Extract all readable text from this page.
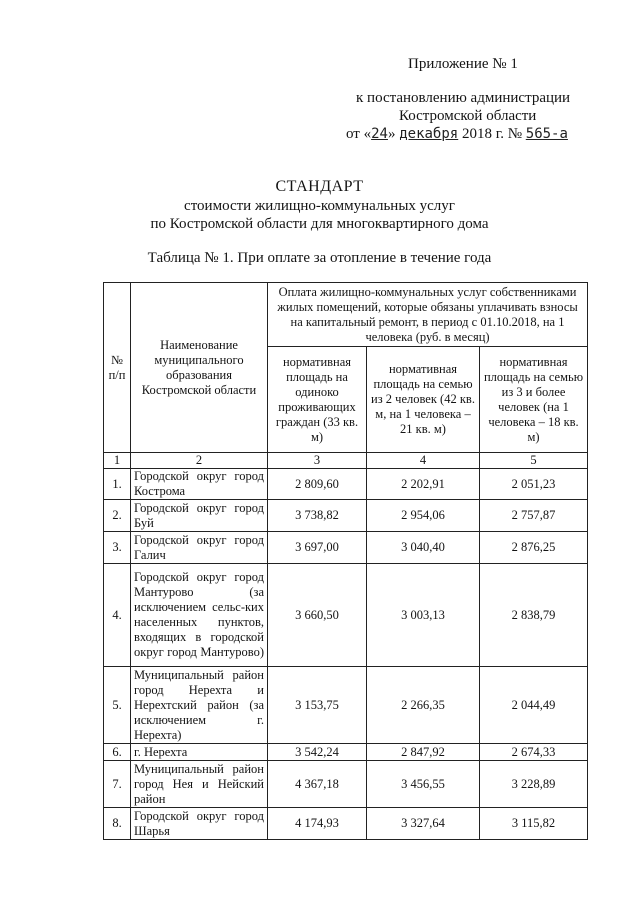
Приложение № 1
к постановлению администрации
Костромской области
от «24» декабря 2018 г. № 565-а
СТАНДАРТ
стоимости жилищно-коммунальных услуг
по Костромской области для многоквартирного дома
Таблица № 1. При оплате за отопление в течение года
№ п/п	Наименование муниципального образования Костромской области	Оплата жилищно-коммунальных услуг собственниками жилых помещений, которые обязаны уплачивать взносы на капитальный ремонт, в период с 01.10.2018, на 1 человека (руб. в месяц)		
		нормативная площадь на одиноко проживающих граждан (33 кв. м)	нормативная площадь на семью из 2 человек (42 кв. м, на 1 человека – 21 кв. м)	нормативная площадь на семью из 3 и более человек (на 1 человека – 18 кв. м)
1	2	3	4	5
1.	Городской округ город Кострома	2 809,60	2 202,91	2 051,23
2.	Городской округ город Буй	3 738,82	2 954,06	2 757,87
3.	Городской округ город Галич	3 697,00	3 040,40	2 876,25
4.	Городской округ город Мантурово (за исключением сельс-ких населенных пунктов, входящих в городской округ город Мантурово)	3 660,50	3 003,13	2 838,79
5.	Муниципальный район город Нерехта и Нерехтский район (за исключением г. Нерехта)	3 153,75	2 266,35	2 044,49
6.	г. Нерехта	3 542,24	2 847,92	2 674,33
7.	Муниципальный район город Нея и Нейский район	4 367,18	3 456,55	3 228,89
8.	Городской округ город Шарья	4 174,93	3 327,64	3 115,82
